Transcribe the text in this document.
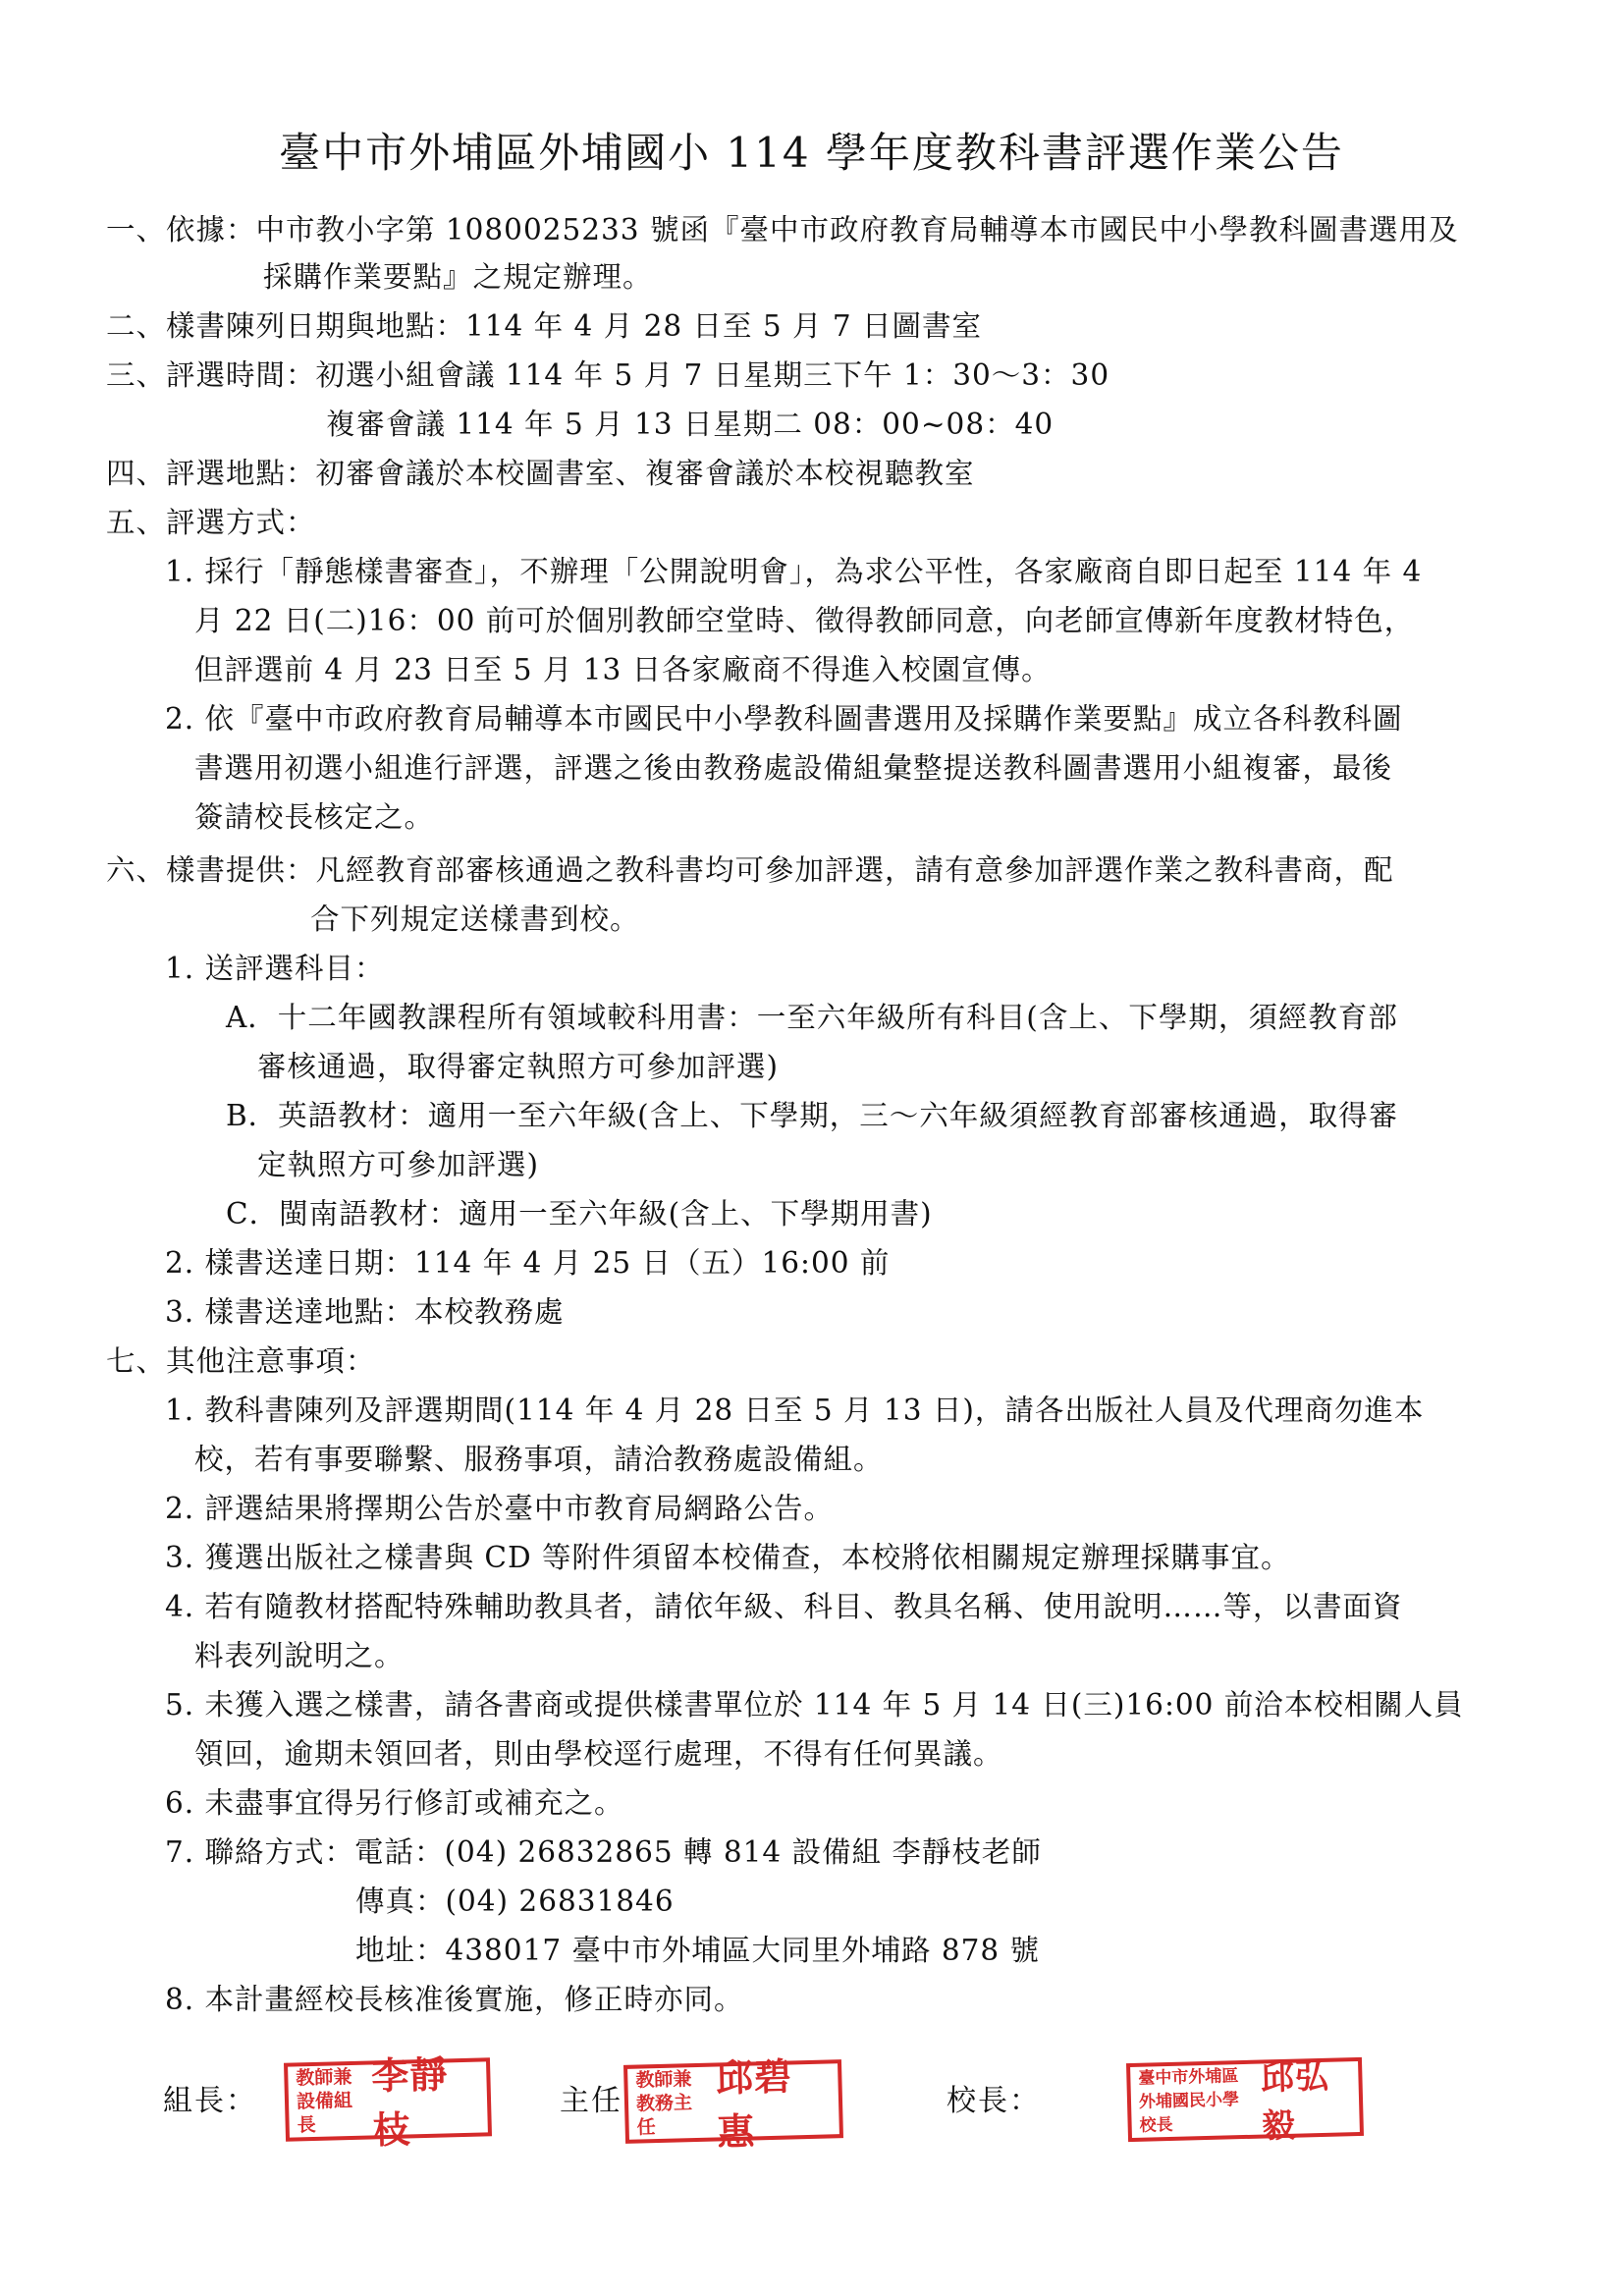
臺中市外埔區外埔國小 114 學年度教科書評選作業公告
一、依據：中市教小字第 1080025233 號函『臺中市政府教育局輔導本市國民中小學教科圖書選用及
採購作業要點』之規定辦理。
二、樣書陳列日期與地點：114 年 4 月 28 日至 5 月 7 日圖書室
三、評選時間：初選小組會議 114 年 5 月 7 日星期三下午 1：30～3：30
複審會議 114 年 5 月 13 日星期二 08：00~08：40
四、評選地點：初審會議於本校圖書室、複審會議於本校視聽教室
五、評選方式：
1. 採行「靜態樣書審查」，不辦理「公開說明會」，為求公平性，各家廠商自即日起至 114 年 4
月 22 日(二)16：00 前可於個別教師空堂時、徵得教師同意，向老師宣傳新年度教材特色，
但評選前 4 月 23 日至 5 月 13 日各家廠商不得進入校園宣傳。
2. 依『臺中市政府教育局輔導本市國民中小學教科圖書選用及採購作業要點』成立各科教科圖
書選用初選小組進行評選，評選之後由教務處設備組彙整提送教科圖書選用小組複審，最後
簽請校長核定之。
六、樣書提供：凡經教育部審核通過之教科書均可參加評選，請有意參加評選作業之教科書商，配
合下列規定送樣書到校。
1. 送評選科目：
A．十二年國教課程所有領域較科用書：一至六年級所有科目(含上、下學期，須經教育部
審核通過，取得審定執照方可參加評選)
B．英語教材：適用一至六年級(含上、下學期，三～六年級須經教育部審核通過，取得審
定執照方可參加評選)
C．閩南語教材：適用一至六年級(含上、下學期用書)
2. 樣書送達日期：114 年 4 月 25 日（五）16:00 前
3. 樣書送達地點：本校教務處
七、其他注意事項：
1. 教科書陳列及評選期間(114 年 4 月 28 日至 5 月 13 日)，請各出版社人員及代理商勿進本
校，若有事要聯繫、服務事項，請洽教務處設備組。
2. 評選結果將擇期公告於臺中市教育局網路公告。
3. 獲選出版社之樣書與 CD 等附件須留本校備查，本校將依相關規定辦理採購事宜。
4. 若有隨教材搭配特殊輔助教具者，請依年級、科目、教具名稱、使用說明……等，以書面資
料表列說明之。
5. 未獲入選之樣書，請各書商或提供樣書單位於 114 年 5 月 14 日(三)16:00 前洽本校相關人員
領回，逾期未領回者，則由學校逕行處理，不得有任何異議。
6. 未盡事宜得另行修訂或補充之。
7. 聯絡方式：電話：(04) 26832865 轉 814 設備組 李靜枝老師
傳真：(04) 26831846
地址：438017 臺中市外埔區大同里外埔路 878 號
8. 本計畫經校長核准後實施，修正時亦同。
組長：
教師兼
設備組長
李靜枝
主任
教師兼
教務主任
邱碧惠
校長：
臺中市外埔區
外埔國民小學校長
邱弘毅
